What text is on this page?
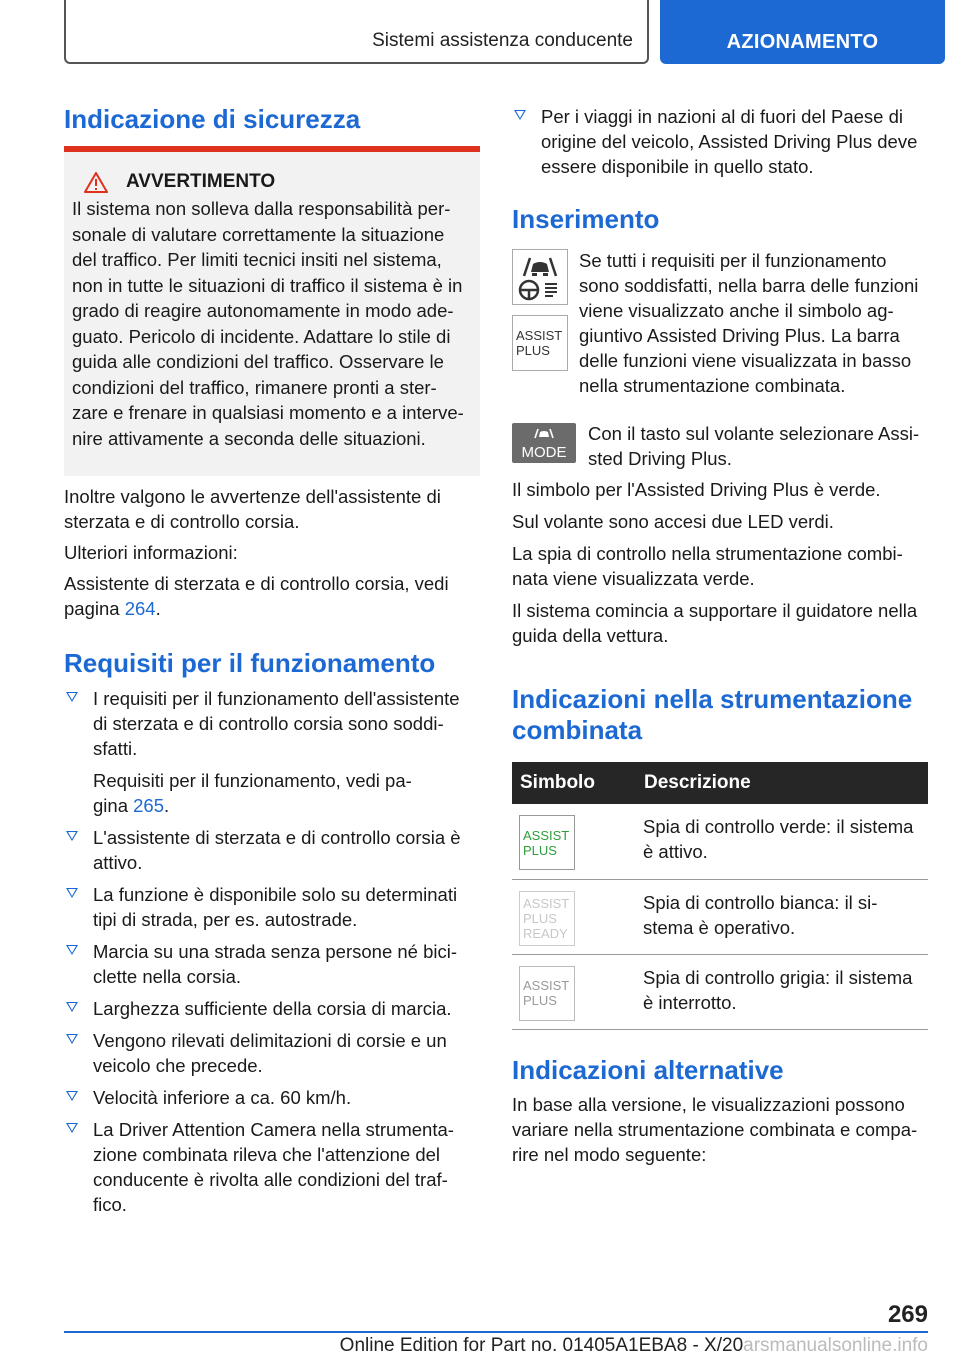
Sistemi assistenza conducente	AZIONAMENTO
Indicazione di sicurezza
AVVERTIMENTO
Il sistema non solleva dalla responsabilità per-
sonale di valutare correttamente la situazione
del traffico. Per limiti tecnici insiti nel sistema,
non in tutte le situazioni di traffico il sistema è in
grado di reagire autonomamente in modo ade-
guato. Pericolo di incidente. Adattare lo stile di
guida alle condizioni del traffico. Osservare le
condizioni del traffico, rimanere pronti a ster-
zare e frenare in qualsiasi momento e a interve-
nire attivamente a seconda delle situazioni.

Inoltre valgono le avvertenze dell'assistente di
sterzata e di controllo corsia.

Ulteriori informazioni:

Assistente di sterzata e di controllo corsia, vedi
pagina 264.

Requisiti per il funzionamento
I requisiti per il funzionamento dell'assistente
di sterzata e di controllo corsia sono soddi-
sfatti.
Requisiti per il funzionamento, vedi pa-
gina 265.
L'assistente di sterzata e di controllo corsia è
attivo.
La funzione è disponibile solo su determinati
tipi di strada, per es. autostrade.
Marcia su una strada senza persone né bici-
clette nella corsia.
Larghezza sufficiente della corsia di marcia.
Vengono rilevati delimitazioni di corsie e un
veicolo che precede.
Velocità inferiore a ca. 60 km/h.
La Driver Attention Camera nella strumenta-
zione combinata rileva che l'attenzione del
conducente è rivolta alle condizioni del traf-
fico.
Per i viaggi in nazioni al di fuori del Paese di
origine del veicolo, Assisted Driving Plus deve
essere disponibile in quello stato.
Inserimento
ASSIST
PLUS

Se tutti i requisiti per il funzionamento
sono soddisfatti, nella barra delle funzioni
viene visualizzato anche il simbolo ag-
giuntivo Assisted Driving Plus. La barra
delle funzioni viene visualizzata in basso
nella strumentazione combinata.

MODE

Con il tasto sul volante selezionare Assi-
sted Driving Plus.

Il simbolo per l'Assisted Driving Plus è verde.

Sul volante sono accesi due LED verdi.

La spia di controllo nella strumentazione combi-
nata viene visualizzata verde.

Il sistema comincia a supportare il guidatore nella
guida della vettura.

Indicazioni nella strumentazione
combinata
Simbolo	Descrizione

ASSIST
PLUS	Spia di controllo verde: il sistema
è attivo.

ASSIST
PLUS
READY	Spia di controllo bianca: il si-
stema è operativo.

ASSIST
PLUS	Spia di controllo grigia: il sistema
è interrotto.
Indicazioni alternative

In base alla versione, le visualizzazioni possono
variare nella strumentazione combinata e compa-
rire nel modo seguente:

269
Online Edition for Part no. 01405A1EBA8 - X/20arsmanualsonline.info
